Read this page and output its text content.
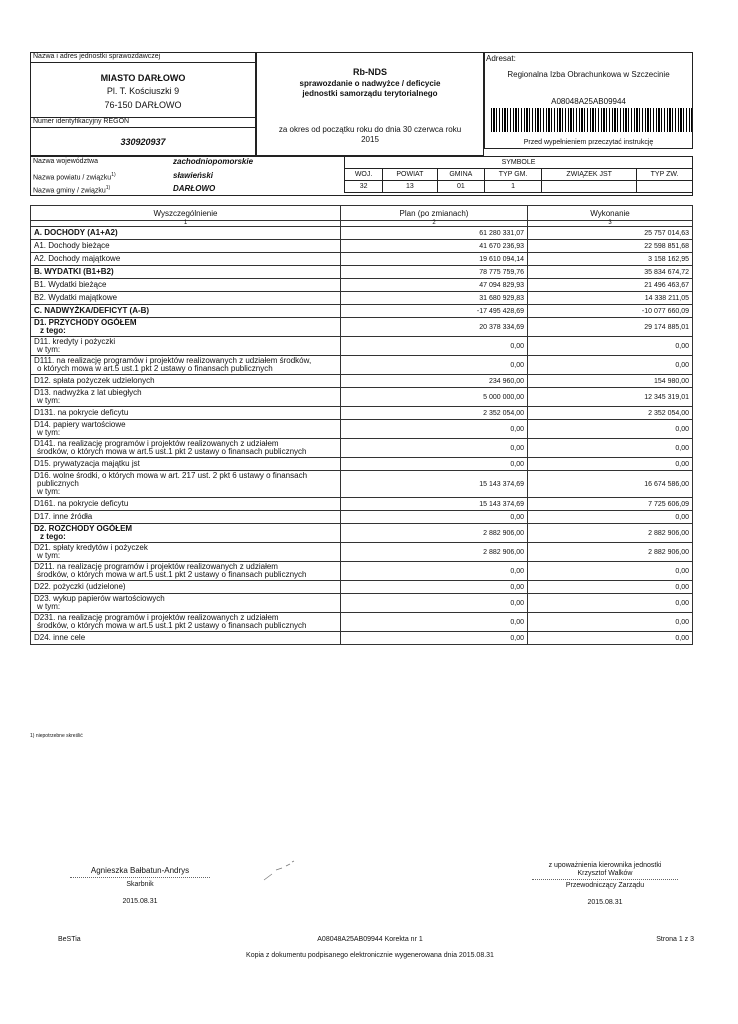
Nazwa i adres jednostki sprawozdawczej
MIASTO DARŁOWO
Pl. T. Kościuszki 9
76-150 DARŁOWO
Numer identyfikacyjny REGON
330920937
Rb-NDS
sprawozdanie o nadwyżce / deficycie
jednostki samorządu terytorialnego
za okres od początku roku do dnia 30 czerwca roku
2015
Adresat:
Regionalna Izba Obrachunkowa w Szczecinie
A08048A25AB09944
Przed wypełnieniem przeczytać instrukcję
Nazwa województwa	zachodniopomorskie
Nazwa powiatu / związku$^{1)}$	sławieński
Nazwa gminy / związku$^{1)}$	DARŁOWO
SYMBOLE					
WOJ.	POWIAT	GMINA	TYP GM.	ZWIĄZEK JST	TYP ZW.
32	13	01	1		
Wyszczególnienie	Plan (po zmianach)	Wykonanie
1	2	3

A. DOCHODY (A1+A2)	61 280 331,07	25 757 014,63

A1. Dochody bieżące	41 670 236,93	22 598 851,68

A2. Dochody majątkowe	19 610 094,14	3 158 162,95

B. WYDATKI (B1+B2)	78 775 759,76	35 834 674,72

B1. Wydatki bieżące	47 094 829,93	21 496 463,67

B2. Wydatki majątkowe	31 680 929,83	14 338 211,05

C. NADWYŻKA/DEFICYT (A-B)	-17 495 428,69	-10 077 660,09

D1. PRZYCHODY OGÓŁEM
z tego:	20 378 334,69	29 174 885,01

D11. kredyty i pożyczki
w tym:	0,00	0,00

D111. na realizację programów i projektów realizowanych z udziałem środków,
o których mowa w art.5 ust.1 pkt 2 ustawy o finansach publicznych	0,00	0,00

D12. spłata pożyczek udzielonych	234 960,00	154 980,00

D13. nadwyżka z lat ubiegłych
w tym:	5 000 000,00	12 345 319,01

D131. na pokrycie deficytu	2 352 054,00	2 352 054,00

D14. papiery wartościowe
w tym:	0,00	0,00

D141. na realizację programów i projektów realizowanych z udziałem
środków, o których mowa w art.5 ust.1 pkt 2 ustawy o finansach publicznych	0,00	0,00

D15. prywatyzacja majątku jst	0,00	0,00

D16. wolne środki, o których mowa w art. 217 ust. 2 pkt 6 ustawy o finansach
publicznych
w tym:	15 143 374,69	16 674 586,00

D161. na pokrycie deficytu	15 143 374,69	7 725 606,09

D17. inne źródła	0,00	0,00

D2. ROZCHODY OGÓŁEM
z tego:	2 882 906,00	2 882 906,00

D21. spłaty kredytów i pożyczek
w tym:	2 882 906,00	2 882 906,00

D211. na realizację programów i projektów realizowanych z udziałem
środków, o których mowa w art.5 ust.1 pkt 2 ustawy o finansach publicznych	0,00	0,00

D22. pożyczki (udzielone)	0,00	0,00

D23. wykup papierów wartościowych
w tym:	0,00	0,00

D231. na realizację programów i projektów realizowanych z udziałem
środków, o których mowa w art.5 ust.1 pkt 2 ustawy o finansach publicznych	0,00	0,00

D24. inne cele	0,00	0,00
1) niepotrzebne skreślić
Agnieszka Bałbatun-Andrys
Skarbnik
2015.08.31
z upoważnienia kierownika jednostki
Krzysztof Walków
Przewodniczący Zarządu
2015.08.31
BeSTia	A08048A25AB09944 Korekta nr 1	Strona 1 z 3
Kopia z dokumentu podpisanego elektronicznie wygenerowana dnia 2015.08.31
